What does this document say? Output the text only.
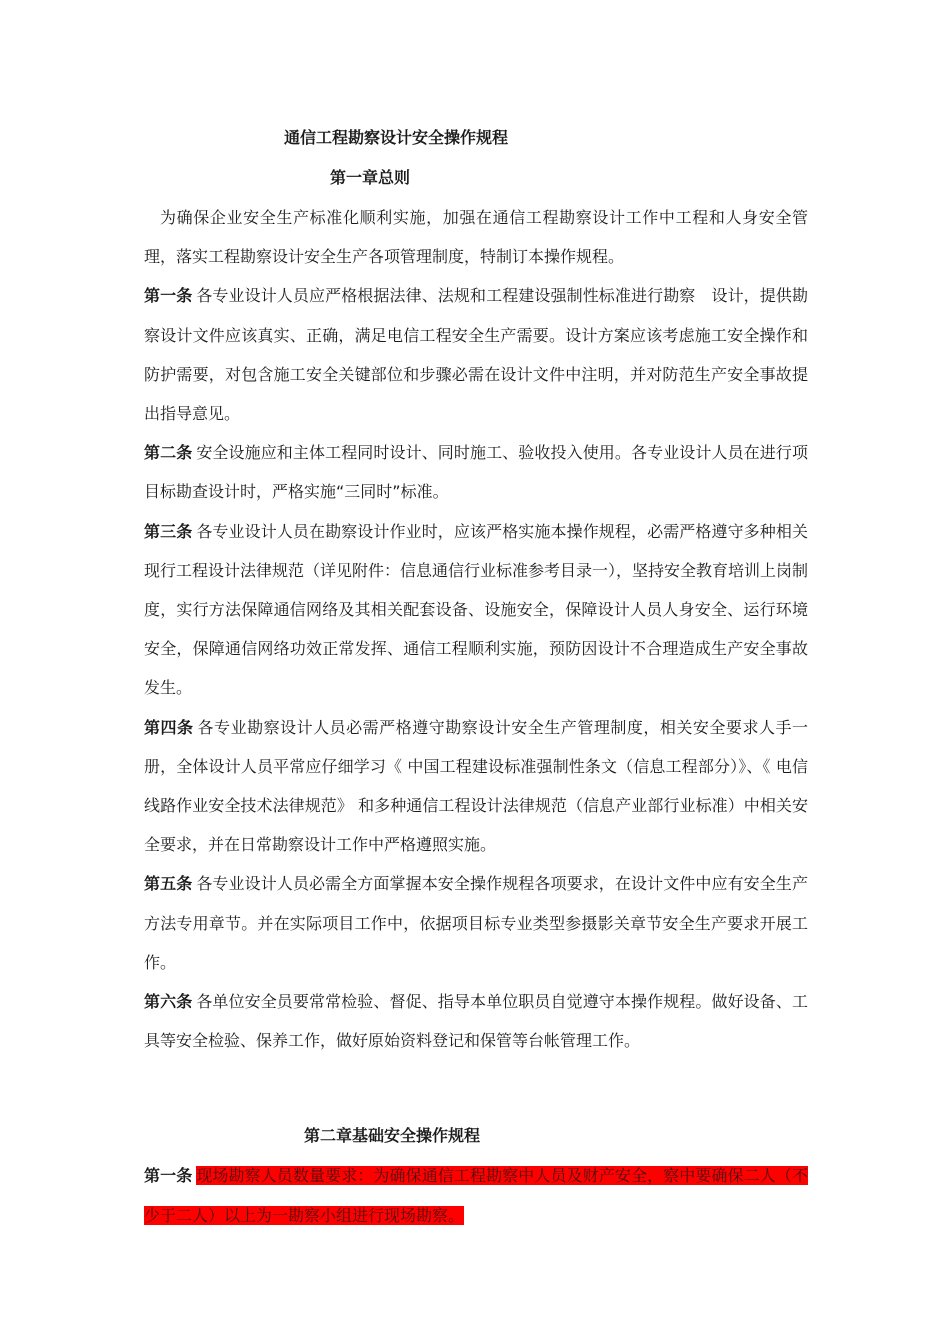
通信工程勘察设计安全操作规程
第一章总则

为确保企业安全生产标准化顺利实施，加强在通信工程勘察设计工作中工程和人身安全管理，落实工程勘察设计安全生产各项管理制度，特制订本操作规程。

第一条 各专业设计人员应严格根据法律、法规和工程建设强制性标准进行勘察　设计，提供勘察设计文件应该真实、正确，满足电信工程安全生产需要。设计方案应该考虑施工安全操作和防护需要，对包含施工安全关键部位和步骤必需在设计文件中注明，并对防范生产安全事故提出指导意见。

第二条 安全设施应和主体工程同时设计、同时施工、验收投入使用。各专业设计人员在进行项目标勘查设计时，严格实施“三同时”标准。

第三条 各专业设计人员在勘察设计作业时，应该严格实施本操作规程，必需严格遵守多种相关现行工程设计法律规范（详见附件：信息通信行业标准参考目录一），坚持安全教育培训上岗制度，实行方法保障通信网络及其相关配套设备、设施安全，保障设计人员人身安全、运行环境安全，保障通信网络功效正常发挥、通信工程顺利实施，预防因设计不合理造成生产安全事故发生。

第四条 各专业勘察设计人员必需严格遵守勘察设计安全生产管理制度，相关安全要求人手一册，全体设计人员平常应仔细学习《 中国工程建设标准强制性条文（信息工程部分）》、《 电信线路作业安全技术法律规范》 和多种通信工程设计法律规范（信息产业部行业标准）中相关安全要求，并在日常勘察设计工作中严格遵照实施。

第五条 各专业设计人员必需全方面掌握本安全操作规程各项要求，在设计文件中应有安全生产方法专用章节。并在实际项目工作中，依据项目标专业类型参摄影关章节安全生产要求开展工作。

第六条 各单位安全员要常常检验、督促、指导本单位职员自觉遵守本操作规程。做好设备、工具等安全检验、保养工作，做好原始资料登记和保管等台帐管理工作。

第二章基础安全操作规程

第一条 现场勘察人员数量要求：为确保通信工程勘察中人员及财产安全，察中要确保二人（不少于二人）以上为一勘察小组进行现场勘察。
